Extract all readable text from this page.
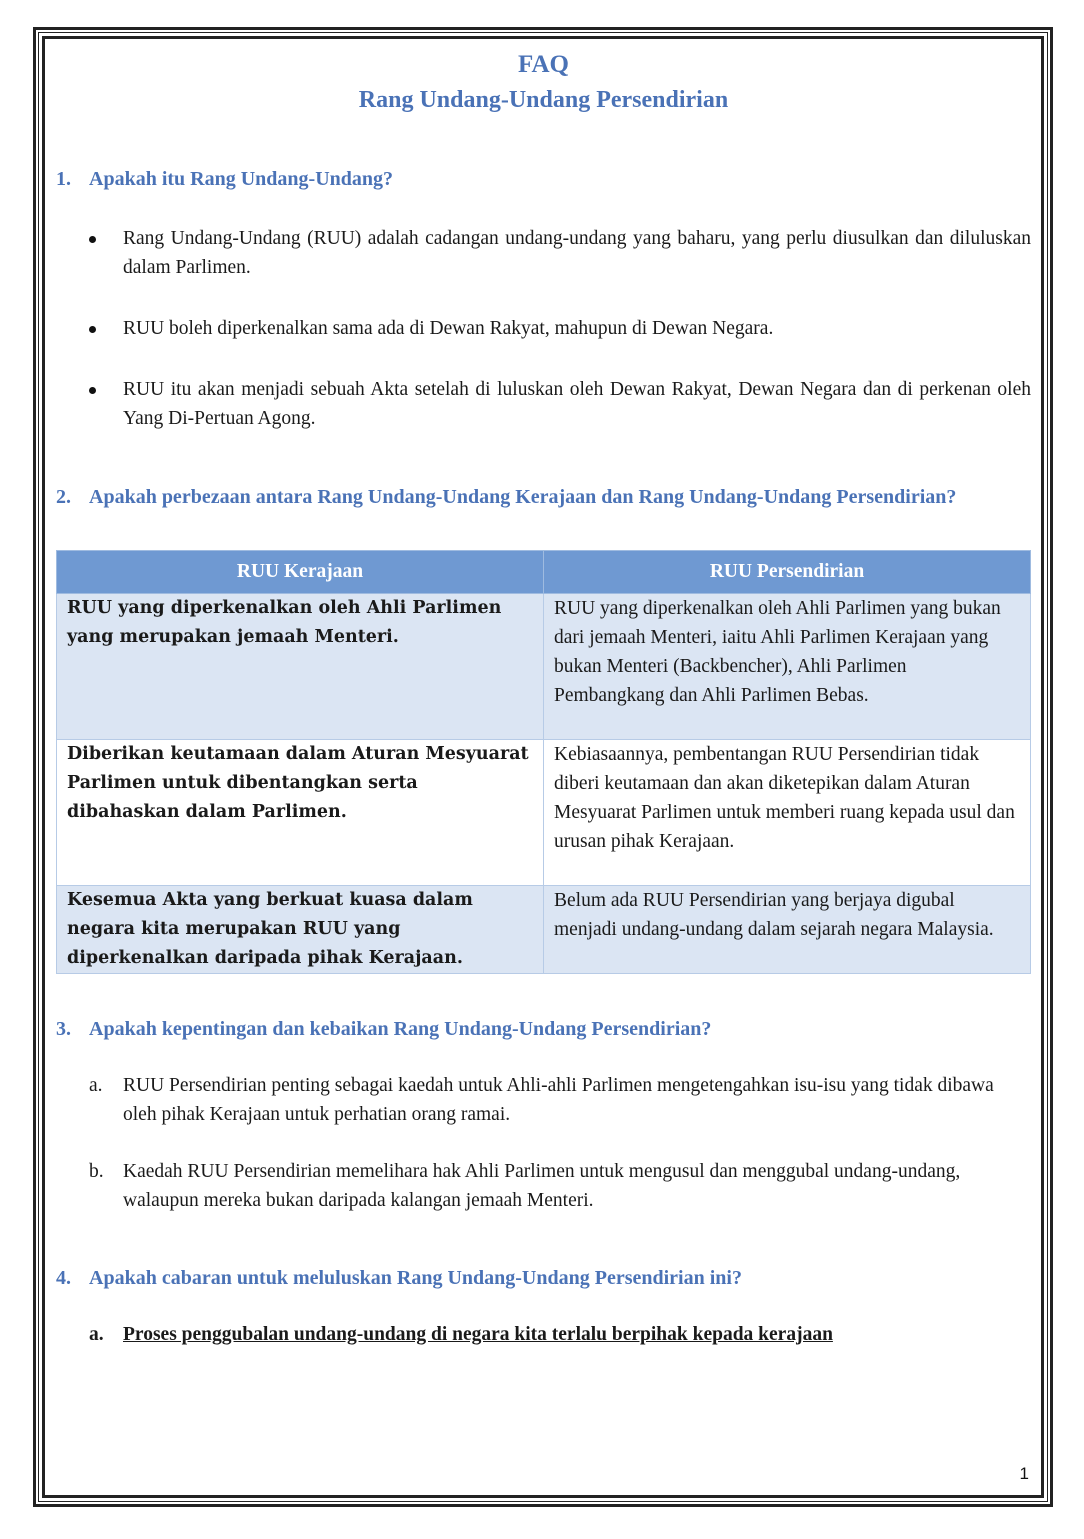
FAQ
Rang Undang-Undang Persendirian
1. Apakah itu Rang Undang-Undang?
Rang Undang-Undang (RUU) adalah cadangan undang-undang yang baharu, yang perlu diusulkan dan diluluskan dalam Parlimen.
RUU boleh diperkenalkan sama ada di Dewan Rakyat, mahupun di Dewan Negara.
RUU itu akan menjadi sebuah Akta setelah di luluskan oleh Dewan Rakyat, Dewan Negara dan di perkenan oleh Yang Di-Pertuan Agong.
2. Apakah perbezaan antara Rang Undang-Undang Kerajaan dan Rang Undang-Undang Persendirian?
RUU Kerajaan	RUU Persendirian
RUU yang diperkenalkan oleh Ahli Parlimen yang merupakan jemaah Menteri.	RUU yang diperkenalkan oleh Ahli Parlimen yang bukan dari jemaah Menteri, iaitu Ahli Parlimen Kerajaan yang bukan Menteri (Backbencher), Ahli Parlimen Pembangkang dan Ahli Parlimen Bebas.
Diberikan keutamaan dalam Aturan Mesyuarat Parlimen untuk dibentangkan serta dibahaskan dalam Parlimen.	Kebiasaannya, pembentangan RUU Persendirian tidak diberi keutamaan dan akan diketepikan dalam Aturan Mesyuarat Parlimen untuk memberi ruang kepada usul dan urusan pihak Kerajaan.
Kesemua Akta yang berkuat kuasa dalam negara kita merupakan RUU yang diperkenalkan daripada pihak Kerajaan.	Belum ada RUU Persendirian yang berjaya digubal menjadi undang-undang dalam sejarah negara Malaysia.
3. Apakah kepentingan dan kebaikan Rang Undang-Undang Persendirian?
a. RUU Persendirian penting sebagai kaedah untuk Ahli-ahli Parlimen mengetengahkan isu-isu yang tidak dibawa oleh pihak Kerajaan untuk perhatian orang ramai.
b. Kaedah RUU Persendirian memelihara hak Ahli Parlimen untuk mengusul dan menggubal undang-undang, walaupun mereka bukan daripada kalangan jemaah Menteri.
4. Apakah cabaran untuk meluluskan Rang Undang-Undang Persendirian ini?
a. Proses penggubalan undang-undang di negara kita terlalu berpihak kepada kerajaan
1
